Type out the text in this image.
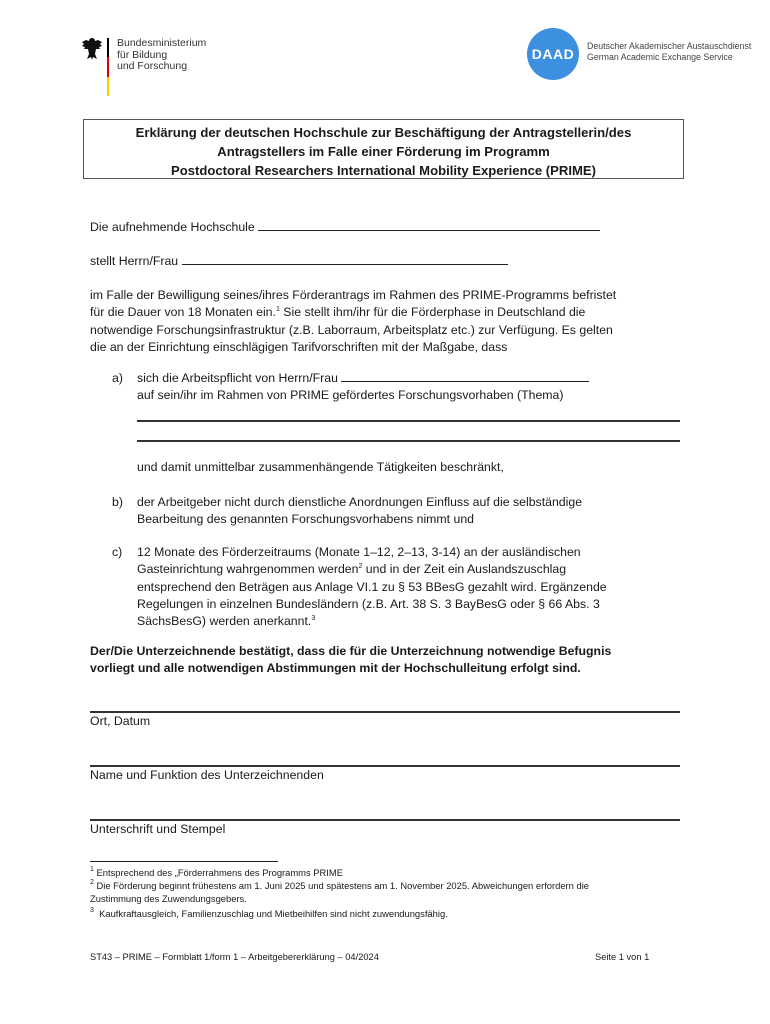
Bundesministerium
für Bildung
und Forschung
DAAD	Deutscher Akademischer Austauschdienst
German Academic Exchange Service
Erklärung der deutschen Hochschule zur Beschäftigung der Antragstellerin/des
Antragstellers im Falle einer Förderung im Programm
Postdoctoral Researchers International Mobility Experience (PRIME)
Die aufnehmende Hochschule
stellt Herrn/Frau
im Falle der Bewilligung seines/ihres Förderantrags im Rahmen des PRIME-Programms befristet
für die Dauer von 18 Monaten ein.$^1$ Sie stellt ihm/ihr für die Förderphase in Deutschland die
notwendige Forschungsinfrastruktur (z.B. Laborraum, Arbeitsplatz etc.) zur Verfügung. Es gelten
die an der Einrichtung einschlägigen Tarifvorschriften mit der Maßgabe, dass
a) sich die Arbeitspflicht von Herrn/Frau
auf sein/ihr im Rahmen von PRIME gefördertes Forschungsvorhaben (Thema)
und damit unmittelbar zusammenhängende Tätigkeiten beschränkt,
b) der Arbeitgeber nicht durch dienstliche Anordnungen Einfluss auf die selbständige
Bearbeitung des genannten Forschungsvorhabens nimmt und
c) 12 Monate des Förderzeitraums (Monate 1–12, 2–13, 3-14) an der ausländischen
Gasteinrichtung wahrgenommen werden$^2$ und in der Zeit ein Auslandszuschlag
entsprechend den Beträgen aus Anlage VI.1 zu § 53 BBesG gezahlt wird. Ergänzende
Regelungen in einzelnen Bundesländern (z.B. Art. 38 S. 3 BayBesG oder § 66 Abs. 3
SächsBesG) werden anerkannt.$^3$
Der/Die Unterzeichnende bestätigt, dass die für die Unterzeichnung notwendige Befugnis
vorliegt und alle notwendigen Abstimmungen mit der Hochschulleitung erfolgt sind.
Ort, Datum
Name und Funktion des Unterzeichnenden
Unterschrift und Stempel
$^1$ Entsprechend des „Förderrahmens des Programms PRIME
$^2$ Die Förderung beginnt frühestens am 1. Juni 2025 und spätestens am 1. November 2025. Abweichungen erfordern die
Zustimmung des Zuwendungsgebers.
$^3$ Kaufkraftausgleich, Familienzuschlag und Mietbeihilfen sind nicht zuwendungsfähig.
ST43 – PRIME – Formblatt 1/form 1 – Arbeitgebererklärung – 04/2024	Seite 1 von 1
